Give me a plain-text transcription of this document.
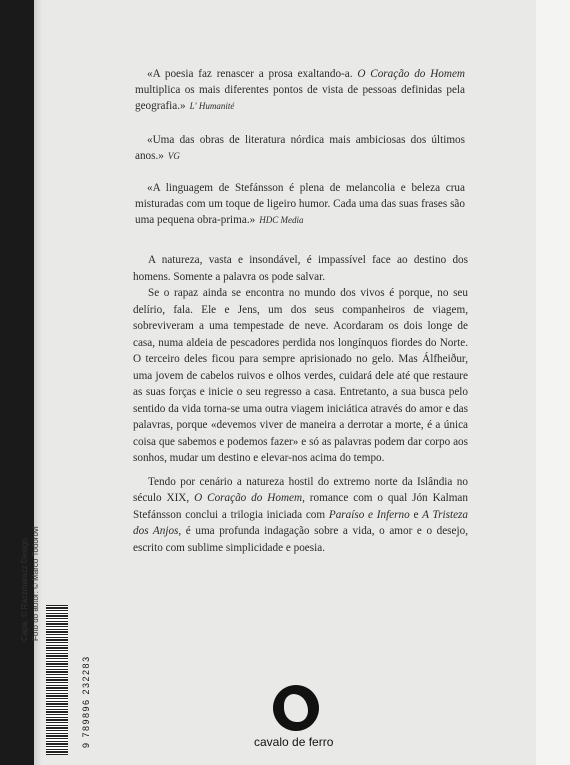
«A poesia faz renascer a prosa exaltando-a. O Coração do Homem multiplica os mais diferentes pontos de vista de pessoas definidas pela geografia.» L' Humanité

«Uma das obras de literatura nórdica mais ambiciosas dos últimos anos.» VG

«A linguagem de Stefánsson é plena de melancolia e beleza crua misturadas com um toque de ligeiro humor. Cada uma das suas frases são uma pequena obra-prima.» HDC Media

A natureza, vasta e insondável, é impassível face ao destino dos homens. Somente a palavra os pode salvar.

Se o rapaz ainda se encontra no mundo dos vivos é porque, no seu delírio, fala. Ele e Jens, um dos seus companheiros de viagem, sobreviveram a uma tempestade de neve. Acordaram os dois longe de casa, numa aldeia de pescadores perdida nos longínquos fiordes do Norte. O terceiro deles ficou para sempre aprisionado no gelo. Mas Álfheiður, uma jovem de cabelos ruivos e olhos verdes, cuidará dele até que restaure as suas forças e inicie o seu regresso a casa. Entretanto, a sua busca pelo sentido da vida torna-se uma outra viagem iniciática através do amor e das palavras, porque «devemos viver de maneira a derrotar a morte, é a única coisa que sabemos e podemos fazer» e só as palavras podem dar corpo aos sonhos, mudar um destino e elevar-nos acima do tempo.

Tendo por cenário a natureza hostil do extremo norte da Islândia no século XIX, O Coração do Homem, romance com o qual Jón Kalman Stefánsson conclui a trilogia iniciada com Paraíso e Inferno e A Tristeza dos Anjos, é uma profunda indagação sobre a vida, o amor e o desejo, escrito com sublime simplicidade e poesia.

Capa: © Razzmatazz Design Foto do autor: © Marco Todorovi
9 789896 232283	cavalo de ferro
